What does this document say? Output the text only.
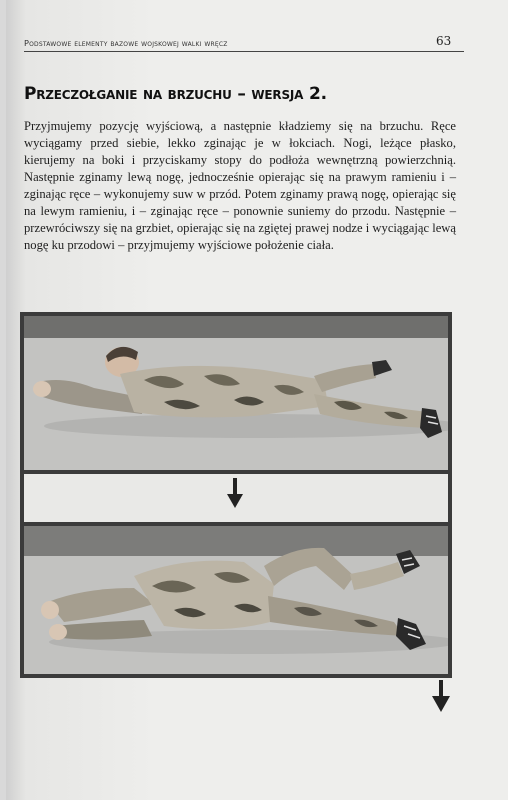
Podstawowe elementy bazowe wojskowej walki wręcz	63
Przeczołganie na brzuchu – wersja 2.

Przyjmujemy pozycję wyjściową, a następnie kładziemy się na brzuchu. Ręce wyciągamy przed siebie, lekko zginając je w łokciach. Nogi, leżące płasko, kierujemy na boki i przyciskamy stopy do podłoża wewnętrzną powierzchnią. Następnie zginamy lewą nogę, jednocześnie opierając się na prawym ramieniu i – zginając ręce – wykonujemy suw w przód. Potem zginamy prawą nogę, opierając się na lewym ramieniu, i – zginając ręce – ponownie suniemy do przodu. Następnie – przewróciwszy się na grzbiet, opierając się na zgiętej prawej nodze i wyciągając lewą nogę ku przodowi – przyjmujemy wyjściowe położenie ciała.
